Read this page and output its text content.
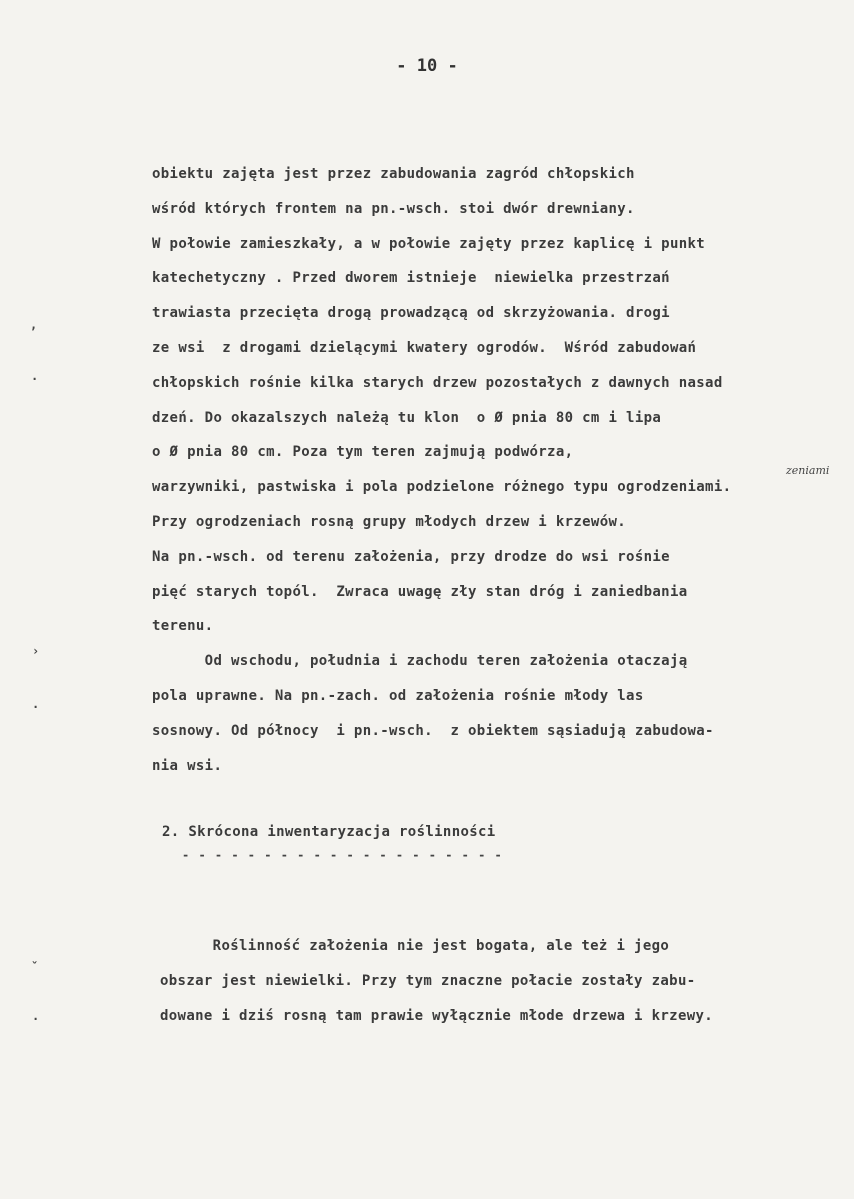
- 10 -
obiektu zajęta jest przez zabudowania zagród chłopskich
wśród których frontem na pn.-wsch. stoi dwór drewniany.
W połowie zamieszkały, a w połowie zajęty przez kaplicę i punkt
katechetyczny . Przed dworem istnieje  niewielka przestrzań
trawiasta przecięta drogą prowadzącą od skrzyżowania. drogi
ze wsi  z drogami dzielącymi kwatery ogrodów.  Wśród zabudowań
chłopskich rośnie kilka starych drzew pozostałych z dawnych nasad
dzeń. Do okazalszych należą tu klon  o Ø pnia 80 cm i lipa
o Ø pnia 80 cm. Poza tym teren zajmują podwórza,
warzywniki, pastwiska i pola podzielone różnego typu ogrodzeniami.
Przy ogrodzeniach rosną grupy młodych drzew i krzewów.
Na pn.-wsch. od terenu założenia, przy drodze do wsi rośnie
pięć starych topól.  Zwraca uwagę zły stan dróg i zaniedbania
terenu.
Od wschodu, południa i zachodu teren założenia otaczają
pola uprawne. Na pn.-zach. od założenia rośnie młody las
sosnowy. Od północy  i pn.-wsch.  z obiektem sąsiadują zabudowa-
nia wsi.
zeniami
2. Skrócona inwentaryzacja roślinności
- - - - - - - - - - - - - - - - - - - -
Roślinność założenia nie jest bogata, ale też i jego
obszar jest niewielki. Przy tym znaczne połacie zostały zabu-
dowane i dziś rosną tam prawie wyłącznie młode drzewa i krzewy.
,
·
›
·
ˇ
·
